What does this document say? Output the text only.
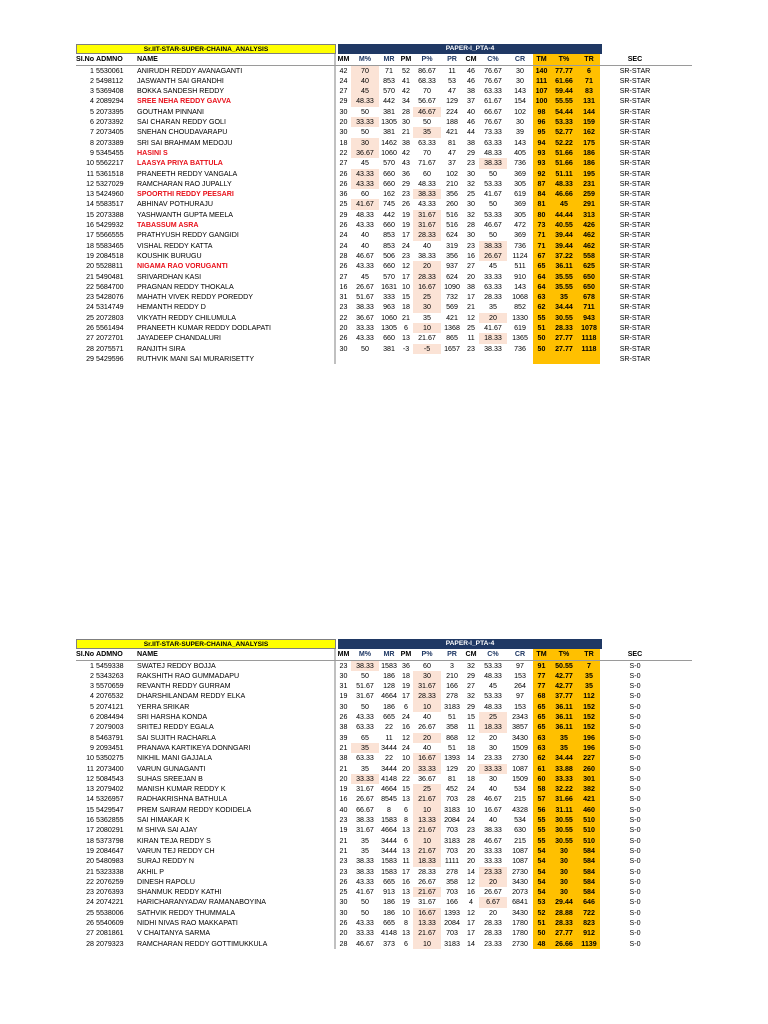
Sr.IIT-STAR-SUPER-CHAINA_ANALYSIS	PAPER-I_PTA-4
SI.No ADMNO	NAME	MM	M%	MR PM	P%	PR	CM	C%	CR	TM	T%	TR	SEC
1 5530061	ANIRUDH REDDY AVANAGANTI	42	70	71	52	86.67	11	46	76.67	30	140	77.77	6	SR-STAR
2 5498112	JASWANTH SAI GRANDHI	24	40	853	41	68.33	53	46	76.67	30	111	61.66	71	SR-STAR
3 5369408	BOKKA SANDESH REDDY	27	45	570	42	70	47	38	63.33	143	107	59.44	83	SR-STAR
4 2089294	SREE NEHA REDDY GAVVA	29	48.33	442	34	56.67	129	37	61.67	154	100	55.55	131	SR-STAR
5 2073395	GOUTHAM PINNANI	30	50	381	28	46.67	224	40	66.67	102	98	54.44	144	SR-STAR
6 2073392	SAI CHARAN REDDY GOLI	20	33.33	1305 30	50	188	46	76.67	30	96	53.33	159	SR-STAR
7 2073405	SNEHAN CHOUDAVARAPU	30	50	381	21	35	421	44	73.33	39	95	52.77	162	SR-STAR
8 2073389	SRI SAI BRAHMAM MEDOJU	18	30	1462 38	63.33	81	38	63.33	143	94	52.22	175	SR-STAR
9 5345455	HASINI S	22	36.67	1060 42	70	47	29	48.33	405	93	51.66	186	SR-STAR
10 5562217	LAASYA PRIYA BATTULA	27	45	570	43	71.67	37	23	38.33	736	93	51.66	186	SR-STAR
11 5361518	PRANEETH REDDY VANGALA	26	43.33	660	36	60	102	30	50	369	92	51.11	195	SR-STAR
12 5327029	RAMCHARAN RAO JUPALLY	26	43.33	660	29	48.33	210	32	53.33	305	87	48.33	231	SR-STAR
13 5424960	SPOORTHI REDDY PEESARI	36	60	162	23	38.33	356	25	41.67	619	84	46.66	259	SR-STAR
14 5583517	ABHINAV POTHURAJU	25	41.67	745	26	43.33	260	30	50	369	81	45	291	SR-STAR
15 2073388	YASHWANTH GUPTA MEELA	29	48.33	442	19	31.67	516	32	53.33	305	80	44.44	313	SR-STAR
16 5429932	TABASSUM ASRA	26	43.33	660	19	31.67	516	28	46.67	472	73	40.55	426	SR-STAR
17 5566555	PRATHYUSH REDDY GANGIDI	24	40	853	17	28.33	624	30	50	369	71	39.44	462	SR-STAR
18 5583465	VISHAL REDDY KATTA	24	40	853	24	40	319	23	38.33	736	71	39.44	462	SR-STAR
19 2084518	KOUSHIK BURUGU	28	46.67	506	23	38.33	356	16	26.67	1124	67	37.22	558	SR-STAR
20 5528811	NIGAMA RAO VORUGANTI	26	43.33	660	12	20	937	27	45	511	65	36.11	625	SR-STAR
21 5490481	SRIVARDHAN KASI	27	45	570	17	28.33	624	20	33.33	910	64	35.55	650	SR-STAR
22 5684700	PRAGNAN REDDY THOKALA	16	26.67	1631 10	16.67	1090	38	63.33	143	64	35.55	650	SR-STAR
23 5428076	MAHATH VIVEK REDDY POREDDY	31	51.67	333	15	25	732	17	28.33	1068	63	35	678	SR-STAR
24 5314749	HEMANTH REDDY D	23	38.33	963	18	30	569	21	35	852	62	34.44	711	SR-STAR
25 2072803	VIKYATH REDDY CHILUMULA	22	36.67	1060 21	35	421	12	20	1330	55	30.55	943	SR-STAR
26 5561494	PRANEETH KUMAR REDDY DODLAPATI	20	33.33	1305	6	10	1368	25	41.67	619	51	28.33	1078	SR-STAR
27 2072701	JAYADEEP CHANDALURI	26	43.33	660	13	21.67	865	11	18.33	1365	50	27.77	1118	SR-STAR
28 2075571	RANJITH SIRA	30	50	381	-3	-5	1657	23	38.33	736	50	27.77	1118	SR-STAR
29 5429596	RUTHVIK MANI SAI MURARISETTY	SR-STAR
Sr.IIT-STAR-SUPER-CHAINA_ANALYSIS	PAPER-I_PTA-4
SI.No ADMNO	NAME	MM	M%	MR PM	P%	PR	CM	C%	CR	TM	T%	TR	SEC
1 5459338	SWATEJ REDDY BOJJA	23	38.33	1583 36	60	3	32	53.33	97	91	50.55	7	S-0
2 5343263	RAKSHITH RAO GUMMADAPU	30	50	186	18	30	210	29	48.33	153	77	42.77	35	S-0
3 5570659	REVANTH REDDY GURRAM	31	51.67	128	19	31.67	166	27	45	264	77	42.77	35	S-0
4 2076532	DHARSHILANDAM REDDY ELKA	19	31.67	4664 17	28.33	278	32	53.33	97	68	37.77	112	S-0
5 2074121	YERRA SRIKAR	30	50	186	6	10	3183	29	48.33	153	65	36.11	152	S-0
6 2084494	SRI HARSHA KONDA	26	43.33	665	24	40	51	15	25	2343	65	36.11	152	S-0
7 2079003	SRITEJ REDDY EGALA	38	63.33	22	16	26.67	358	11	18.33	3857	65	36.11	152	S-0
8 5463791	SAI SUJITH RACHARLA	39	65	11	12	20	868	12	20	3430	63	35	196	S-0
9 2093451	PRANAVA KARTIKEYA DONNGARI	21	35	3444 24	40	51	18	30	1509	63	35	196	S-0
10 5350275	NIKHIL MANI GAJJALA	38	63.33	22	10	16.67	1393	14	23.33	2730	62	34.44	227	S-0
11 2073400	VARUN GUNAGANTI	21	35	3444 20	33.33	129	20	33.33	1087	61	33.88	260	S-0
12 5084543	SUHAS SREEJAN B	20	33.33	4148 22	36.67	81	18	30	1509	60	33.33	301	S-0
13 2079402	MANISH KUMAR REDDY K	19	31.67	4664 15	25	452	24	40	534	58	32.22	382	S-0
14 5326957	RADHAKRISHNA BATHULA	16	26.67	8545 13	21.67	703	28	46.67	215	57	31.66	421	S-0
15 5429547	PREM SAIRAM REDDY KODIDELA	40	66.67	8	6	10	3183	10	16.67	4328	56	31.11	460	S-0
16 5362855	SAI HIMAKAR K	23	38.33	1583	8	13.33	2084	24	40	534	55	30.55	510	S-0
17 2080291	M SHIVA SAI AJAY	19	31.67	4664 13	21.67	703	23	38.33	630	55	30.55	510	S-0
18 5373798	KIRAN TEJA REDDY S	21	35	3444	6	10	3183	28	46.67	215	55	30.55	510	S-0
19 2084647	VARUN TEJ REDDY CH	21	35	3444 13	21.67	703	20	33.33	1087	54	30	584	S-0
20 5480983	SURAJ REDDY N	23	38.33	1583 11	18.33	1111	20	33.33	1087	54	30	584	S-0
21 5323338	AKHIL P	23	38.33	1583 17	28.33	278	14	23.33	2730	54	30	584	S-0
22 2076259	DINESH RAPOLU	26	43.33	665	16	26.67	358	12	20	3430	54	30	584	S-0
23 2076393	SHANMUK REDDY KATHI	25	41.67	913	13	21.67	703	16	26.67	2073	54	30	584	S-0
24 2074221	HARICHARANYADAV RAMANABOYINA	30	50	186	19	31.67	166	4	6.67	6841	53	29.44	646	S-0
25 5538006	SATHVIK REDDY THUMMALA	30	50	186	10	16.67	1393	12	20	3430	52	28.88	722	S-0
26 5540609	NIDHI NIVAS RAO MAKKAPATI	26	43.33	665	8	13.33	2084	17	28.33	1780	51	28.33	823	S-0
27 2081861	V CHAITANYA SARMA	20	33.33	4148 13	21.67	703	17	28.33	1780	50	27.77	912	S-0
28 2079323	RAMCHARAN REDDY GOTTIMUKKULA	28	46.67	373	6	10	3183	14	23.33	2730	48	26.66	1139	S-0
